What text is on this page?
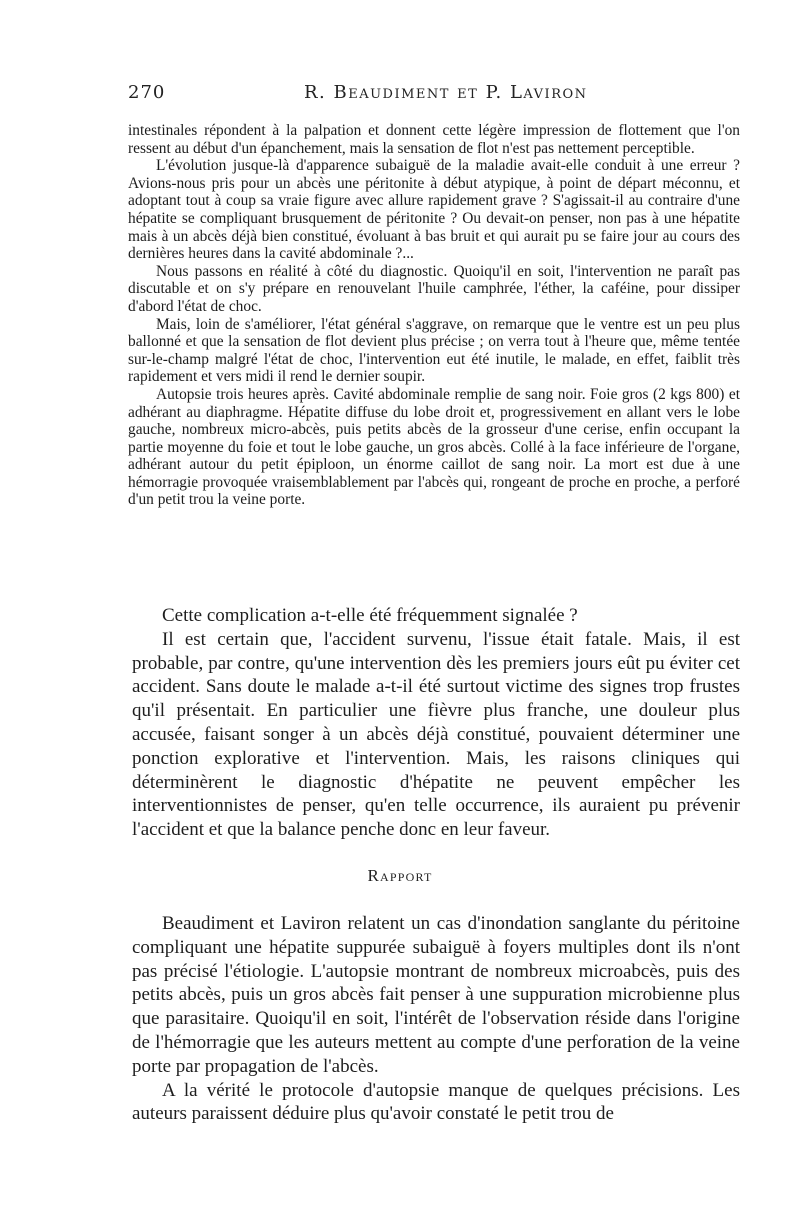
270	R. Beaudiment et P. Laviron

intestinales répondent à la palpation et donnent cette légère impression de flottement que l'on ressent au début d'un épanchement, mais la sensation de flot n'est pas nettement perceptible.

L'évolution jusque-là d'apparence subaiguë de la maladie avait-elle conduit à une erreur ? Avions-nous pris pour un abcès une péritonite à début atypique, à point de départ méconnu, et adoptant tout à coup sa vraie figure avec allure rapidement grave ? S'agissait-il au contraire d'une hépatite se compliquant brusquement de péritonite ? Ou devait-on penser, non pas à une hépatite mais à un abcès déjà bien constitué, évoluant à bas bruit et qui aurait pu se faire jour au cours des dernières heures dans la cavité abdominale ?...

Nous passons en réalité à côté du diagnostic. Quoiqu'il en soit, l'intervention ne paraît pas discutable et on s'y prépare en renouvelant l'huile camphrée, l'éther, la caféine, pour dissiper d'abord l'état de choc.

Mais, loin de s'améliorer, l'état général s'aggrave, on remarque que le ventre est un peu plus ballonné et que la sensation de flot devient plus précise ; on verra tout à l'heure que, même tentée sur-le-champ malgré l'état de choc, l'intervention eut été inutile, le malade, en effet, faiblit très rapidement et vers midi il rend le dernier soupir.

Autopsie trois heures après. Cavité abdominale remplie de sang noir. Foie gros (2 kgs 800) et adhérant au diaphragme. Hépatite diffuse du lobe droit et, progressivement en allant vers le lobe gauche, nombreux micro-abcès, puis petits abcès de la grosseur d'une cerise, enfin occupant la partie moyenne du foie et tout le lobe gauche, un gros abcès. Collé à la face inférieure de l'organe, adhérant autour du petit épiploon, un énorme caillot de sang noir. La mort est due à une hémorragie provoquée vraisemblablement par l'abcès qui, rongeant de proche en proche, a perforé d'un petit trou la veine porte.

Cette complication a-t-elle été fréquemment signalée ?

Il est certain que, l'accident survenu, l'issue était fatale. Mais, il est probable, par contre, qu'une intervention dès les premiers jours eût pu éviter cet accident. Sans doute le malade a-t-il été surtout victime des signes trop frustes qu'il présentait. En particulier une fièvre plus franche, une douleur plus accusée, faisant songer à un abcès déjà constitué, pouvaient déterminer une ponction explorative et l'intervention. Mais, les raisons cliniques qui déterminèrent le diagnostic d'hépatite ne peuvent empêcher les interventionnistes de penser, qu'en telle occurrence, ils auraient pu prévenir l'accident et que la balance penche donc en leur faveur.

Rapport

Beaudiment et Laviron relatent un cas d'inondation sanglante du péritoine compliquant une hépatite suppurée subaiguë à foyers multiples dont ils n'ont pas précisé l'étiologie. L'autopsie montrant de nombreux microabcès, puis des petits abcès, puis un gros abcès fait penser à une suppuration microbienne plus que parasitaire. Quoiqu'il en soit, l'intérêt de l'observation réside dans l'origine de l'hémorragie que les auteurs mettent au compte d'une perforation de la veine porte par propagation de l'abcès.

A la vérité le protocole d'autopsie manque de quelques précisions. Les auteurs paraissent déduire plus qu'avoir constaté le petit trou de
